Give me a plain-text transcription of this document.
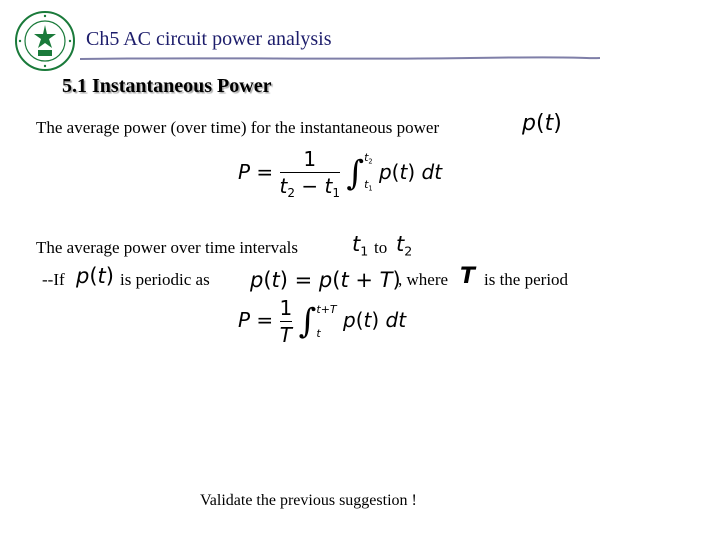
Ch5 AC circuit power analysis
5.1 Instantaneous Power
The average power (over time) for the instantaneous power	p(t)
$P = \frac{1}{t_2 - t_1}$ ∫ $t_2$
$t_1$
p(t) dt
The average power over time intervals	$t_1$ to $t_2$
--If p(t) is periodic as p(t) = p(t + T)
, where T is the period
$P = \frac{1}{T}$ ∫ t+T
t
p(t) dt
Validate the previous suggestion !
